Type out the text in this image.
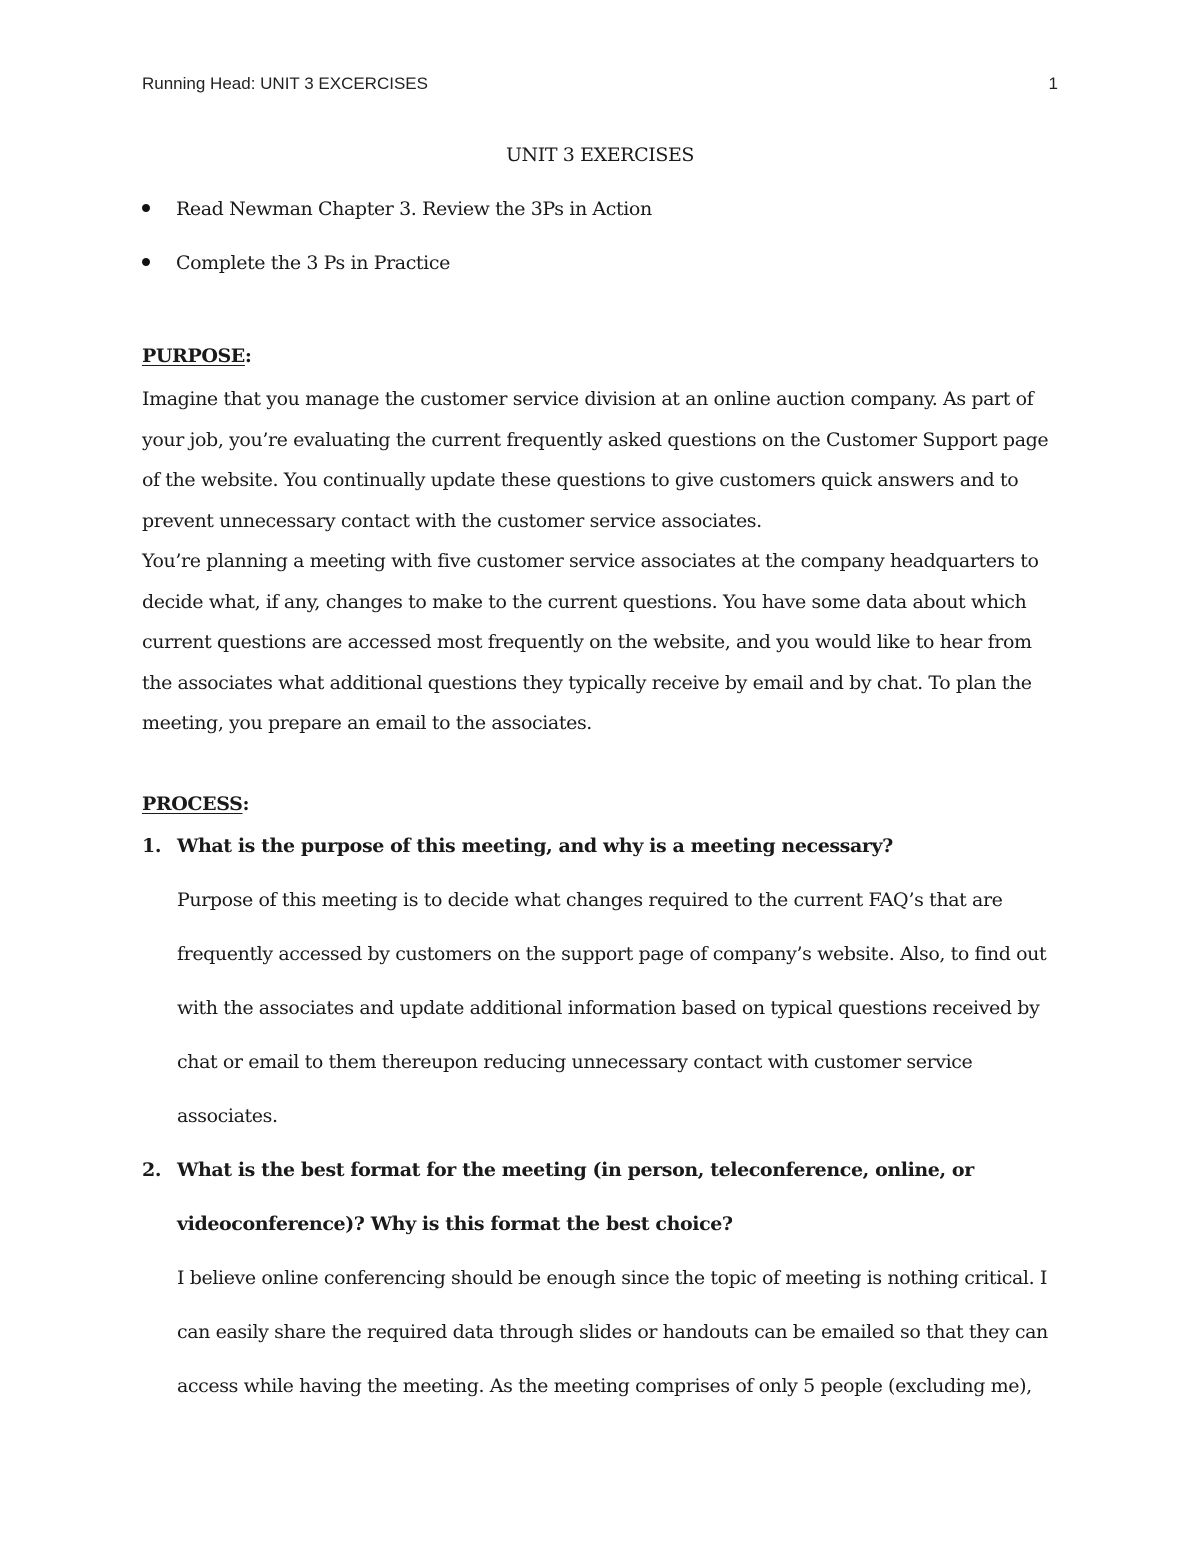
Running Head: UNIT 3 EXCERCISES	1
UNIT 3 EXERCISES
Read Newman Chapter 3. Review the 3Ps in Action
Complete the 3 Ps in Practice
PURPOSE:
Imagine that you manage the customer service division at an online auction company. As part of your job, you’re evaluating the current frequently asked questions on the Customer Support page of the website. You continually update these questions to give customers quick answers and to prevent unnecessary contact with the customer service associates.
You’re planning a meeting with five customer service associates at the company headquarters to decide what, if any, changes to make to the current questions. You have some data about which current questions are accessed most frequently on the website, and you would like to hear from the associates what additional questions they typically receive by email and by chat. To plan the meeting, you prepare an email to the associates.
PROCESS:
1. What is the purpose of this meeting, and why is a meeting necessary?
Purpose of this meeting is to decide what changes required to the current FAQ’s that are frequently accessed by customers on the support page of company’s website. Also, to find out with the associates and update additional information based on typical questions received by chat or email to them thereupon reducing unnecessary contact with customer service associates.
2. What is the best format for the meeting (in person, teleconference, online, or videoconference)? Why is this format the best choice?
I believe online conferencing should be enough since the topic of meeting is nothing critical. I can easily share the required data through slides or handouts can be emailed so that they can access while having the meeting. As the meeting comprises of only 5 people (excluding me),
